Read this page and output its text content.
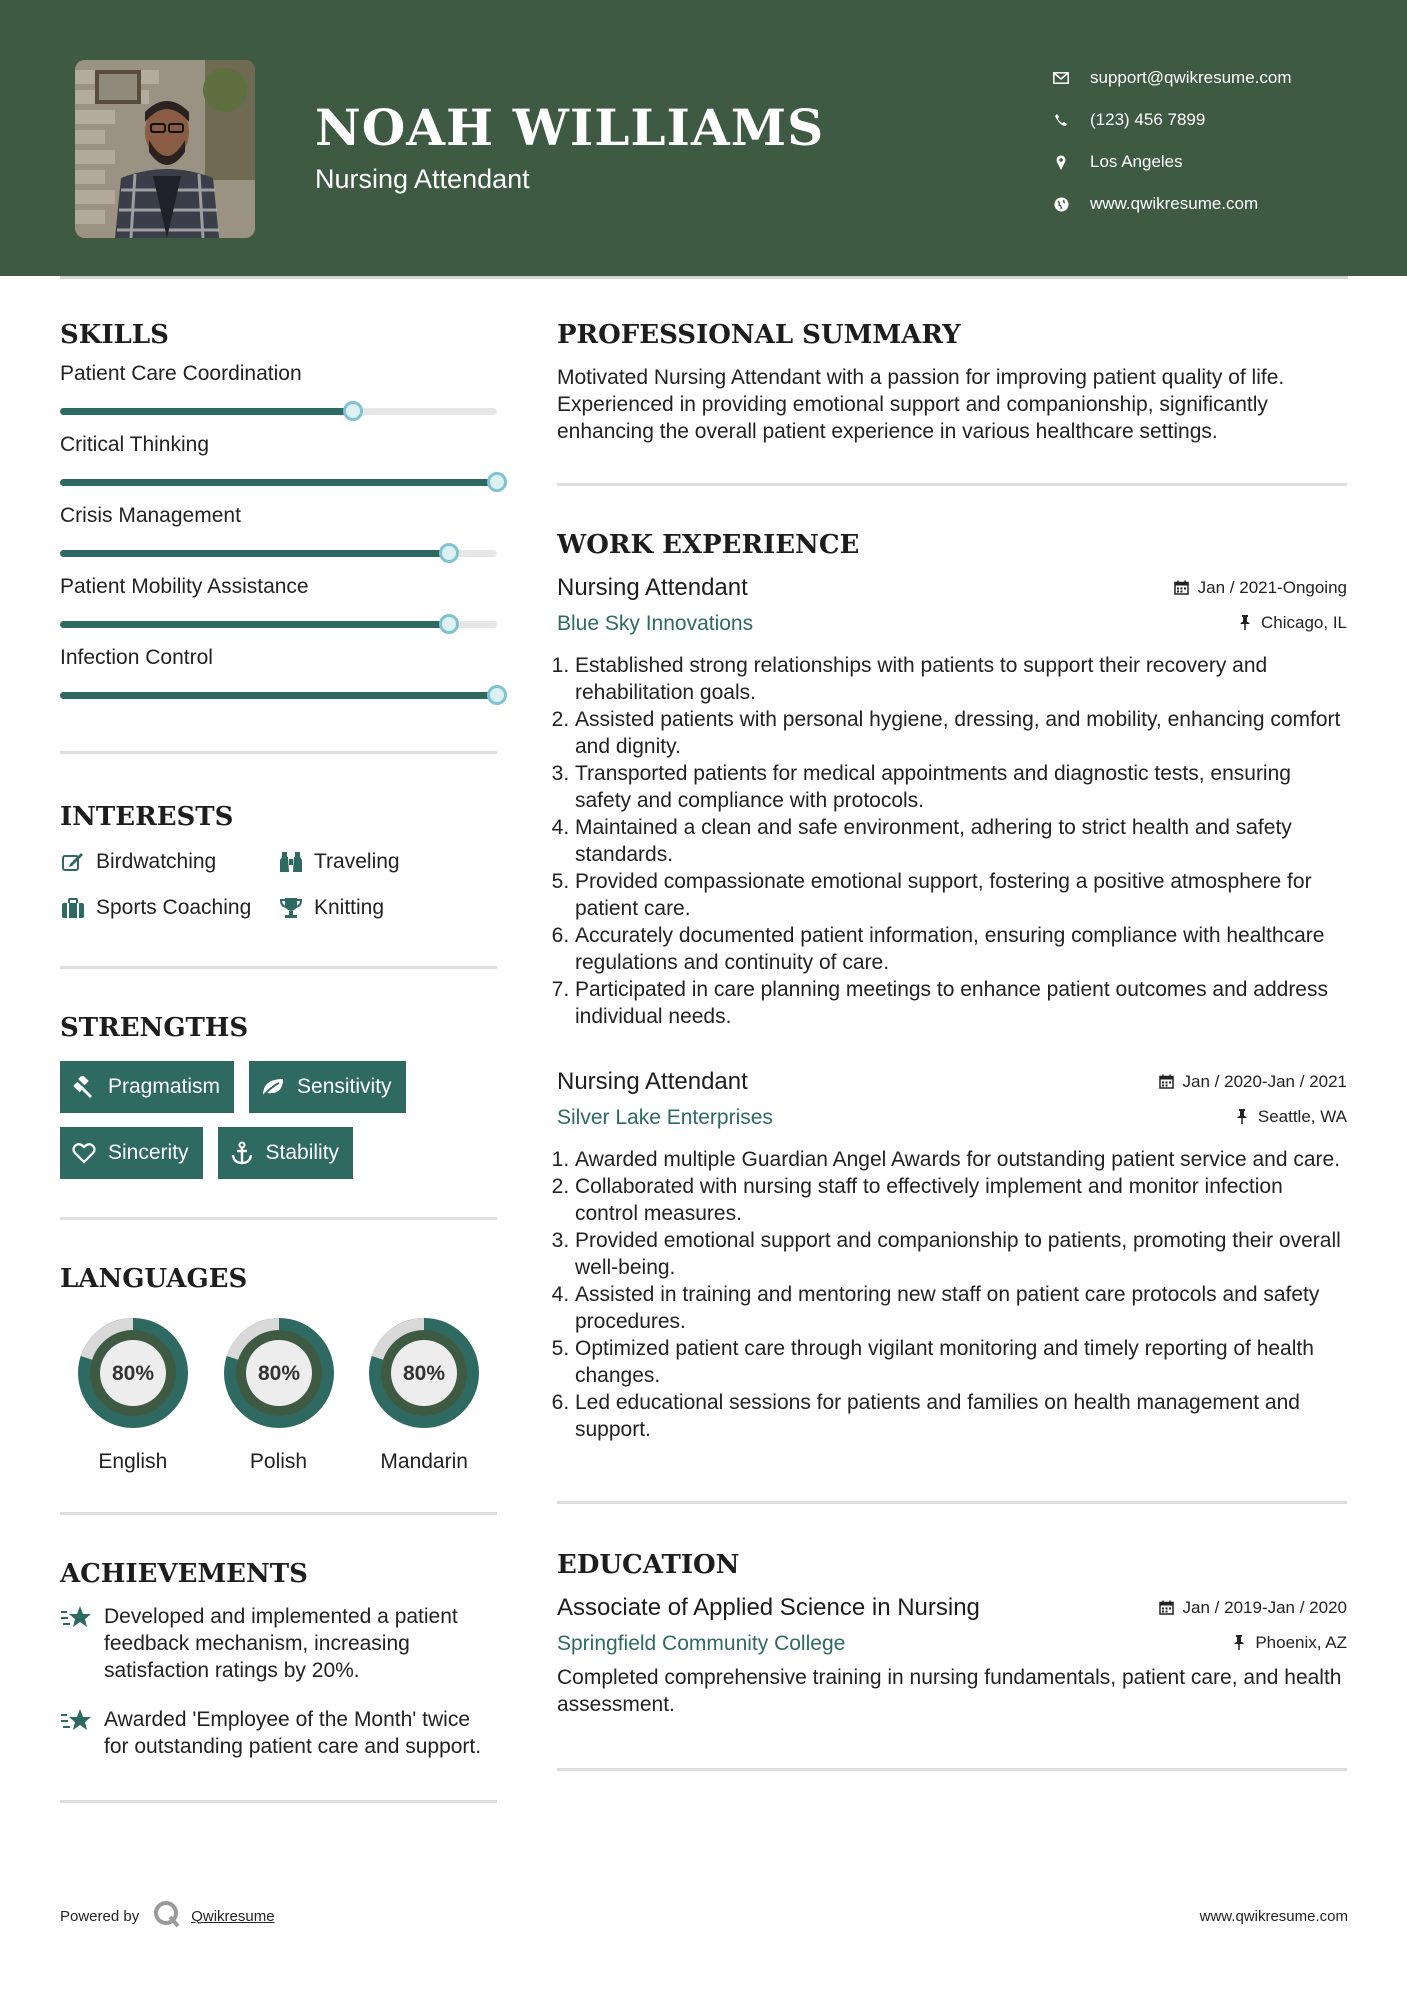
NOAH WILLIAMS
Nursing Attendant
support@qwikresume.com
(123) 456 7899
Los Angeles
www.qwikresume.com
SKILLS
Patient Care Coordination
Critical Thinking
Crisis Management
Patient Mobility Assistance
Infection Control
INTERESTS
Birdwatching	Traveling
Sports Coaching	Knitting
STRENGTHS
Pragmatism	Sensitivity
Sincerity	Stability
LANGUAGES
80%
English
80%
Polish
80%
Mandarin
ACHIEVEMENTS
Developed and implemented a patient feedback mechanism, increasing satisfaction ratings by 20%.
Awarded 'Employee of the Month' twice for outstanding patient care and support.
PROFESSIONAL SUMMARY
Motivated Nursing Attendant with a passion for improving patient quality of life. Experienced in providing emotional support and companionship, significantly enhancing the overall patient experience in various healthcare settings.
WORK EXPERIENCE
Nursing Attendant	Jan / 2021-Ongoing
Blue Sky Innovations	Chicago, IL
1. Established strong relationships with patients to support their recovery and rehabilitation goals.
2. Assisted patients with personal hygiene, dressing, and mobility, enhancing comfort and dignity.
3. Transported patients for medical appointments and diagnostic tests, ensuring safety and compliance with protocols.
4. Maintained a clean and safe environment, adhering to strict health and safety standards.
5. Provided compassionate emotional support, fostering a positive atmosphere for patient care.
6. Accurately documented patient information, ensuring compliance with healthcare regulations and continuity of care.
7. Participated in care planning meetings to enhance patient outcomes and address individual needs.
Nursing Attendant	Jan / 2020-Jan / 2021
Silver Lake Enterprises	Seattle, WA
1. Awarded multiple Guardian Angel Awards for outstanding patient service and care.
2. Collaborated with nursing staff to effectively implement and monitor infection control measures.
3. Provided emotional support and companionship to patients, promoting their overall well-being.
4. Assisted in training and mentoring new staff on patient care protocols and safety procedures.
5. Optimized patient care through vigilant monitoring and timely reporting of health changes.
6. Led educational sessions for patients and families on health management and support.
EDUCATION
Associate of Applied Science in Nursing	Jan / 2019-Jan / 2020
Springfield Community College	Phoenix, AZ
Completed comprehensive training in nursing fundamentals, patient care, and health assessment.
Powered by	Qwikresume	www.qwikresume.com
